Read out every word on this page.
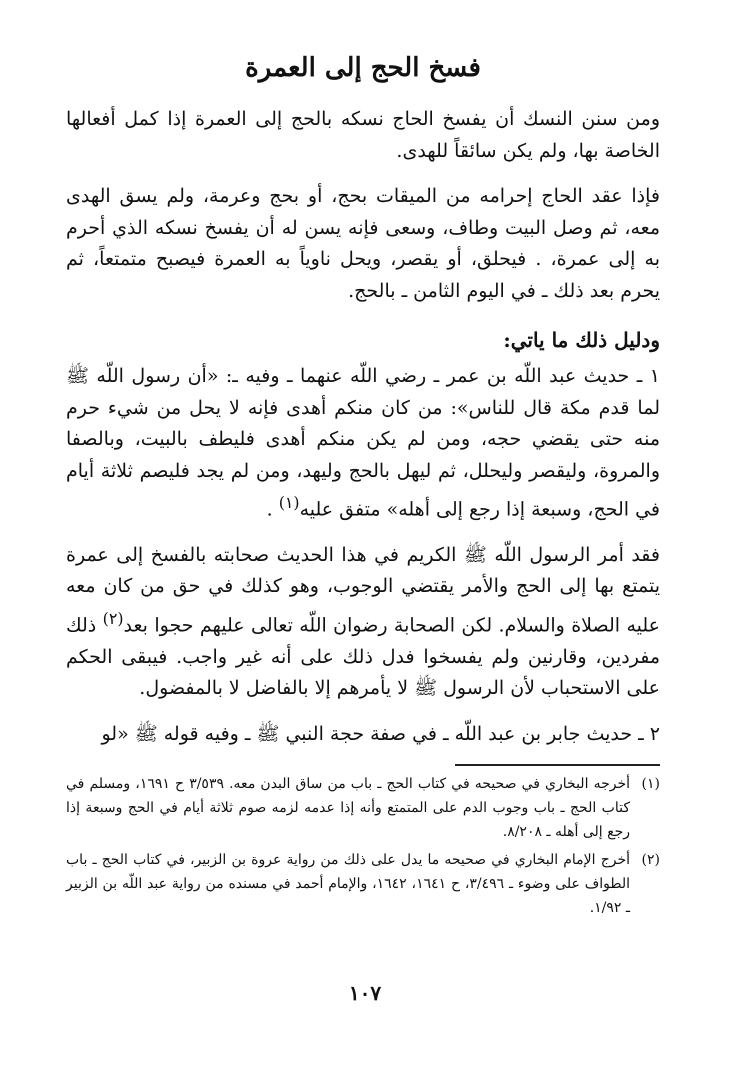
فسخ الحج إلى العمرة

ومن سنن النسك أن يفسخ الحاج نسكه بالحج إلى العمرة إذا كمل أفعالها الخاصة بها، ولم يكن سائقاً للهدى.

فإذا عقد الحاج إحرامه من الميقات بحج، أو بحج وعرمة، ولم يسق الهدى معه، ثم وصل البيت وطاف، وسعى فإنه يسن له أن يفسخ نسكه الذي أحرم به إلى عمرة، . فيحلق، أو يقصر، ويحل ناوياً به العمرة فيصبح متمتعاً، ثم يحرم بعد ذلك ـ في اليوم الثامن ـ بالحج.

ودليل ذلك ما ياتي:

١ ـ حديث عبد اللّه بن عمر ـ رضي اللّه عنهما ـ وفيه ـ: «أن رسول اللّه ﷺ لما قدم مكة قال للناس»: من كان منكم أهدى فإنه لا يحل من شيء حرم منه حتى يقضي حجه، ومن لم يكن منكم أهدى فليطف بالبيت، وبالصفا والمروة، وليقصر وليحلل، ثم ليهل بالحج وليهد، ومن لم يجد فليصم ثلاثة أيام في الحج، وسبعة إذا رجع إلى أهله» متفق عليه$^{(١)}$ .

فقد أمر الرسول اللّه ﷺ الكريم في هذا الحديث صحابته بالفسخ إلى عمرة يتمتع بها إلى الحج والأمر يقتضي الوجوب، وهو كذلك في حق من كان معه عليه الصلاة والسلام. لكن الصحابة رضوان اللّه تعالى عليهم حجوا بعد$^{(٢)}$ ذلك مفردين، وقارنين ولم يفسخوا فدل ذلك على أنه غير واجب. فيبقى الحكم على الاستحباب لأن الرسول ﷺ لا يأمرهم إلا بالفاضل لا بالمفضول.

٢ ـ حديث جابر بن عبد اللّه ـ في صفة حجة النبي ﷺ ـ وفيه قوله ﷺ «لو

(١)
أخرجه البخاري في صحيحه في كتاب الحج ـ باب من ساق البدن معه. ٣/٥٣٩ ح ١٦٩١، ومسلم في كتاب الحج ـ باب وجوب الدم على المتمتع وأنه إذا عدمه لزمه صوم ثلاثة أيام في الحج وسبعة إذا رجع إلى أهله ـ ٨/٢٠٨.
(٢)
أخرج الإمام البخاري في صحيحه ما يدل على ذلك من رواية عروة بن الزبير، في كتاب الحج ـ باب الطواف على وضوء ـ ٣/٤٩٦، ح ١٦٤١، ١٦٤٢، والإمام أحمد في مسنده من رواية عبد اللّه بن الزبير ـ ١/٩٢.
١٠٧
